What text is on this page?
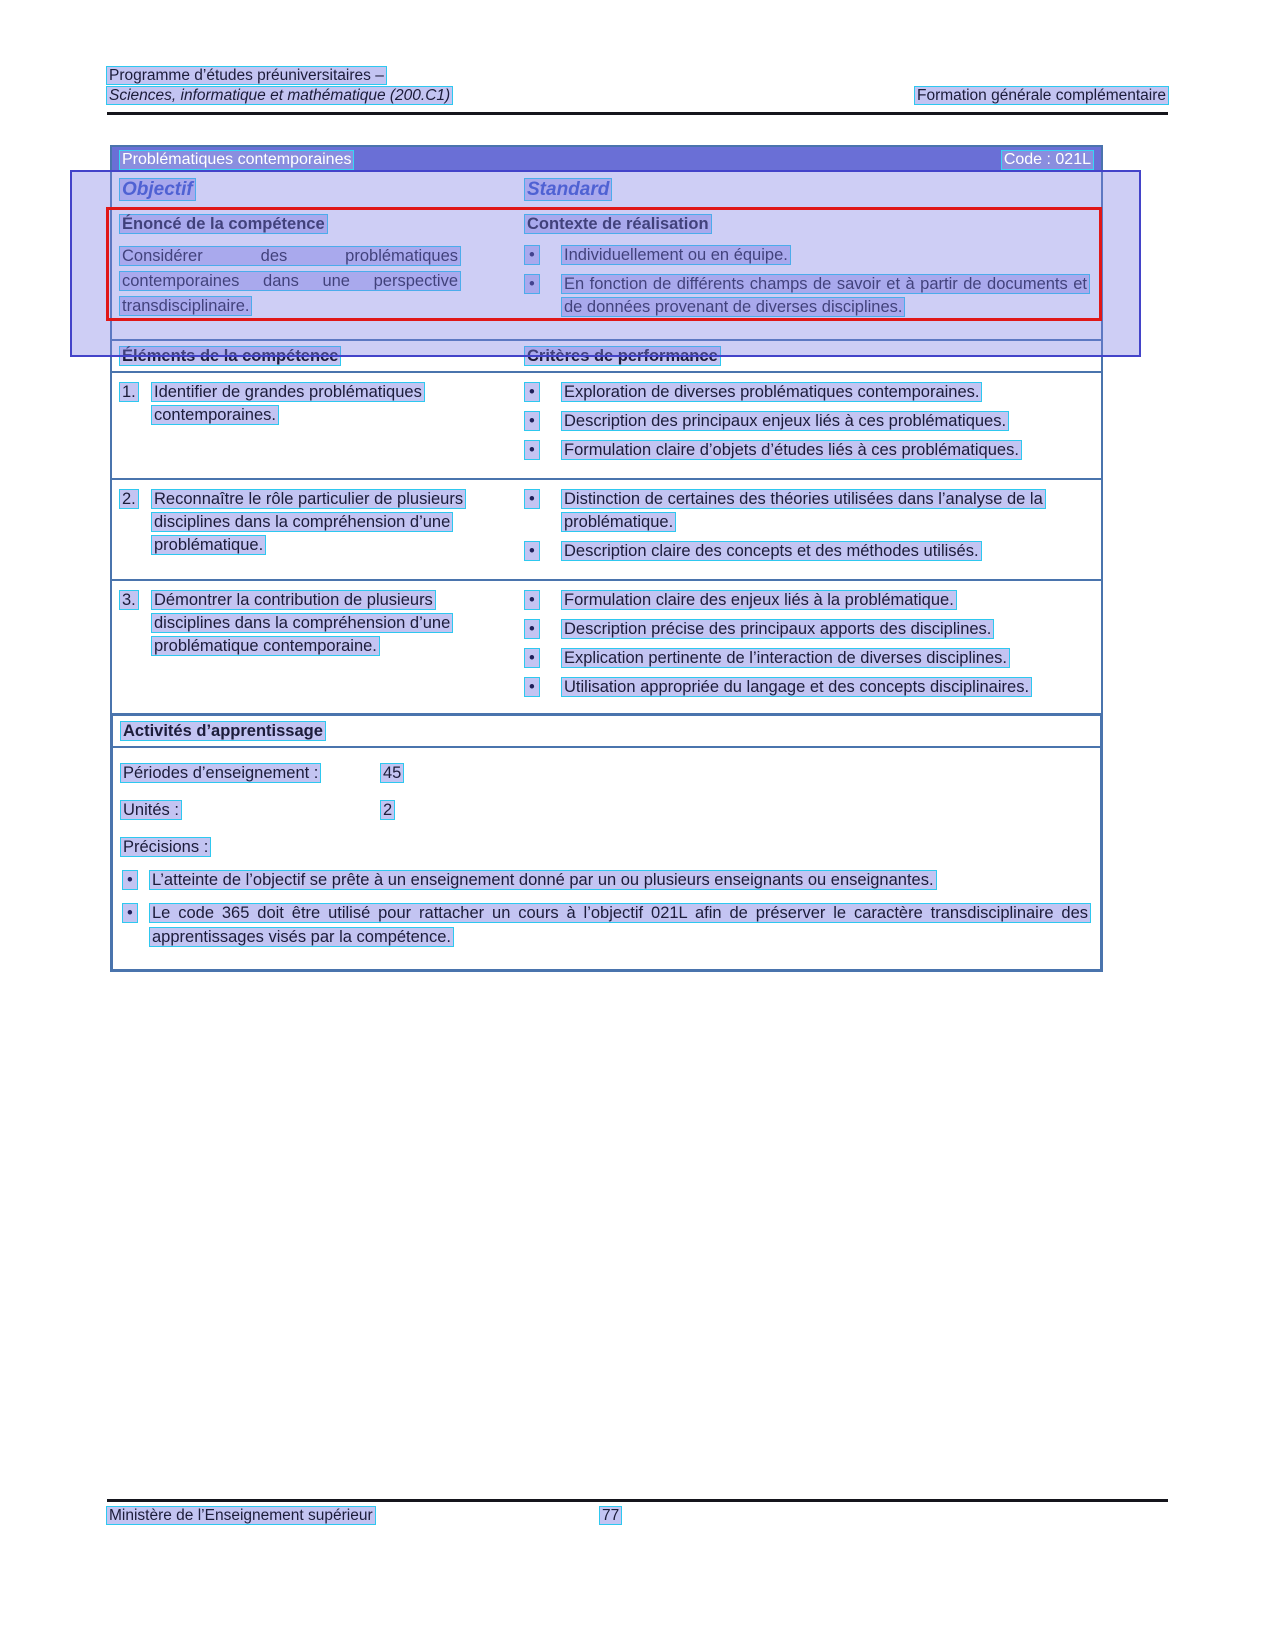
Programme d’études préuniversitaires –
Sciences, informatique et mathématique (200.C1)	Formation générale complémentaire
Problématiques contemporaines	Code : 021L
Objectif	Standard
Énoncé de la compétence	Contexte de réalisation
Considérer des problématiques contemporaines dans une perspective transdisciplinaire.
•	Individuellement ou en équipe.
•	En fonction de différents champs de savoir et à partir de documents et de données provenant de diverses disciplines.
Éléments de la compétence	Critères de performance
1.	Identifier de grandes problématiques contemporaines.
•	Exploration de diverses problématiques contemporaines.
•	Description des principaux enjeux liés à ces problématiques.
•	Formulation claire d’objets d’études liés à ces problématiques.
2.	Reconnaître le rôle particulier de plusieurs disciplines dans la compréhension d’une problématique.
•	Distinction de certaines des théories utilisées dans l’analyse de la problématique.
•	Description claire des concepts et des méthodes utilisés.
3.	Démontrer la contribution de plusieurs disciplines dans la compréhension d’une problématique contemporaine.
•	Formulation claire des enjeux liés à la problématique.
•	Description précise des principaux apports des disciplines.
•	Explication pertinente de l’interaction de diverses disciplines.
•	Utilisation appropriée du langage et des concepts disciplinaires.
Activités d’apprentissage
Périodes d’enseignement :	45
Unités :	2
Précisions :
•	L’atteinte de l’objectif se prête à un enseignement donné par un ou plusieurs enseignants ou enseignantes.
•	Le code 365 doit être utilisé pour rattacher un cours à l’objectif 021L afin de préserver le caractère transdisciplinaire des apprentissages visés par la compétence.
Ministère de l’Enseignement supérieur	77
